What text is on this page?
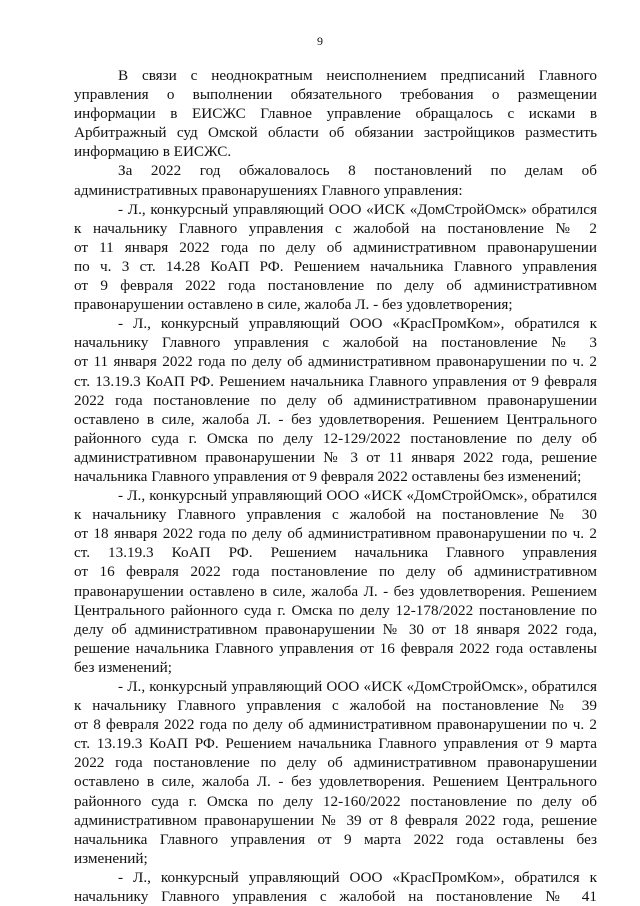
9
В связи с неоднократным неисполнением предписаний Главного
управления о выполнении обязательного требования о размещении
информации в ЕИСЖС Главное управление обращалось с исками в
Арбитражный суд Омской области об обязании застройщиков разместить
информацию в ЕИСЖС.
За 2022 год обжаловалось 8 постановлений по делам об
административных правонарушениях Главного управления:
- Л., конкурсный управляющий ООО «ИСК «ДомСтройОмск» обратился
к начальнику Главного управления с жалобой на постановление № 2
от 11 января 2022 года по делу об административном правонарушении
по ч. 3 ст. 14.28 КоАП РФ. Решением начальника Главного управления
от 9 февраля 2022 года постановление по делу об административном
правонарушении оставлено в силе, жалоба Л. - без удовлетворения;
- Л., конкурсный управляющий ООО «КрасПромКом», обратился к
начальнику Главного управления с жалобой на постановление № 3
от 11 января 2022 года по делу об административном правонарушении по ч. 2
ст. 13.19.3 КоАП РФ. Решением начальника Главного управления от 9 февраля
2022 года постановление по делу об административном правонарушении
оставлено в силе, жалоба Л. - без удовлетворения. Решением Центрального
районного суда г. Омска по делу 12-129/2022 постановление по делу об
административном правонарушении № 3 от 11 января 2022 года, решение
начальника Главного управления от 9 февраля 2022 оставлены без изменений;
- Л., конкурсный управляющий ООО «ИСК «ДомСтройОмск», обратился
к начальнику Главного управления с жалобой на постановление № 30
от 18 января 2022 года по делу об административном правонарушении по ч. 2
ст. 13.19.3 КоАП РФ. Решением начальника Главного управления
от 16 февраля 2022 года постановление по делу об административном
правонарушении оставлено в силе, жалоба Л. - без удовлетворения. Решением
Центрального районного суда г. Омска по делу 12-178/2022 постановление по
делу об административном правонарушении № 30 от 18 января 2022 года,
решение начальника Главного управления от 16 февраля 2022 года оставлены
без изменений;
- Л., конкурсный управляющий ООО «ИСК «ДомСтройОмск», обратился
к начальнику Главного управления с жалобой на постановление № 39
от 8 февраля 2022 года по делу об административном правонарушении по ч. 2
ст. 13.19.3 КоАП РФ. Решением начальника Главного управления от 9 марта
2022 года постановление по делу об административном правонарушении
оставлено в силе, жалоба Л. - без удовлетворения. Решением Центрального
районного суда г. Омска по делу 12-160/2022 постановление по делу об
административном правонарушении № 39 от 8 февраля 2022 года, решение
начальника Главного управления от 9 марта 2022 года оставлены без
изменений;
- Л., конкурсный управляющий ООО «КрасПромКом», обратился к
начальнику Главного управления с жалобой на постановление № 41
